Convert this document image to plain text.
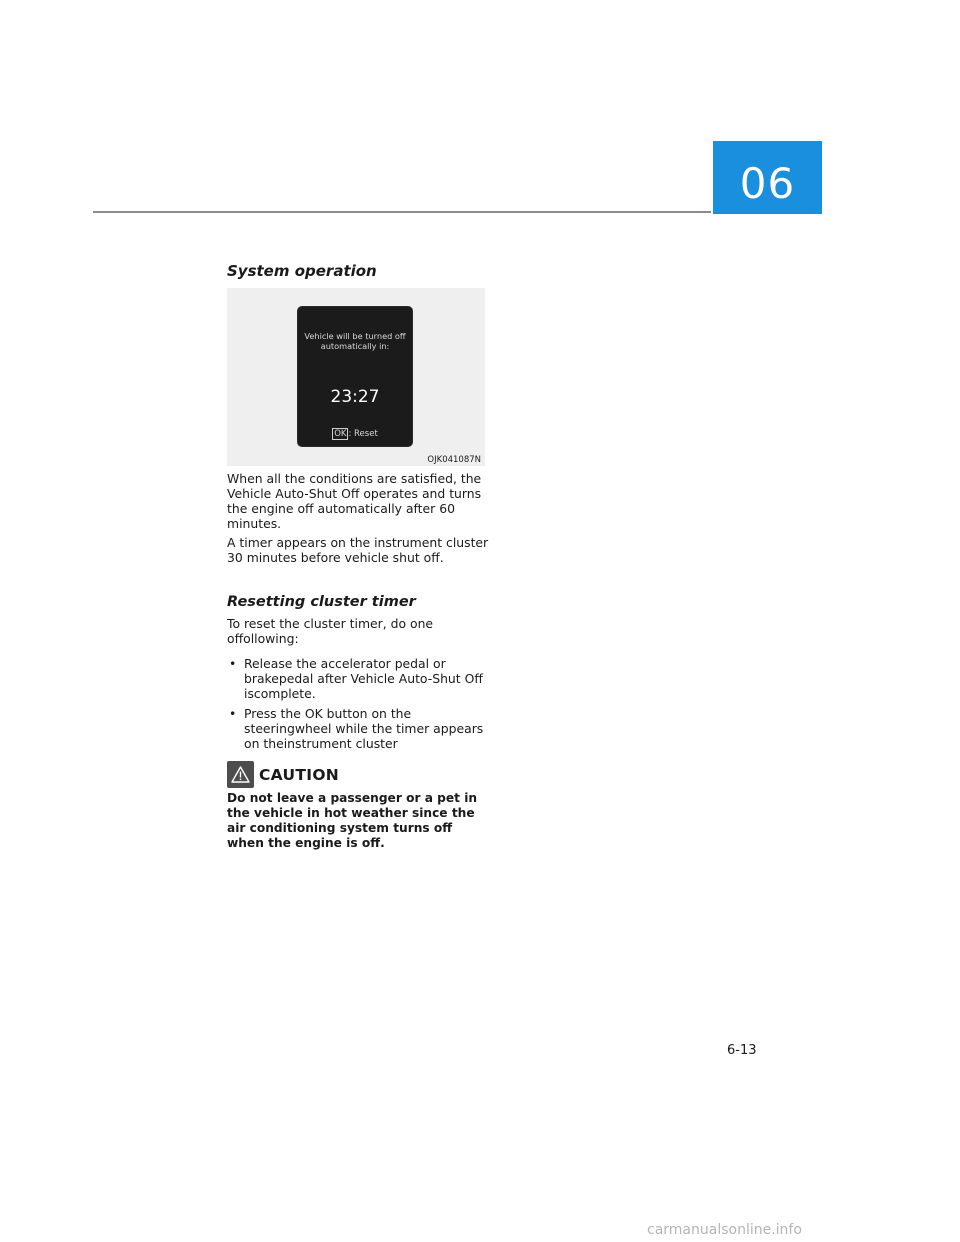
06
System operation
Vehicle will be turned off
automatically in:
23:27
OK : Reset
OJK041087N

When all the conditions are satisfied, the Vehicle Auto-Shut Off operates and turns the engine off automatically after 60 minutes.

A timer appears on the instrument cluster 30 minutes before vehicle shut off.

Resetting cluster timer

To reset the cluster timer, do one offollowing:

• Release the accelerator pedal or brakepedal after Vehicle Auto-Shut Off iscomplete.
• Press the OK button on the steeringwheel while the timer appears on theinstrument cluster
CAUTION

Do not leave a passenger or a pet in the vehicle in hot weather since the air conditioning system turns off when the engine is off.

6-13
carmanualsonline.info
